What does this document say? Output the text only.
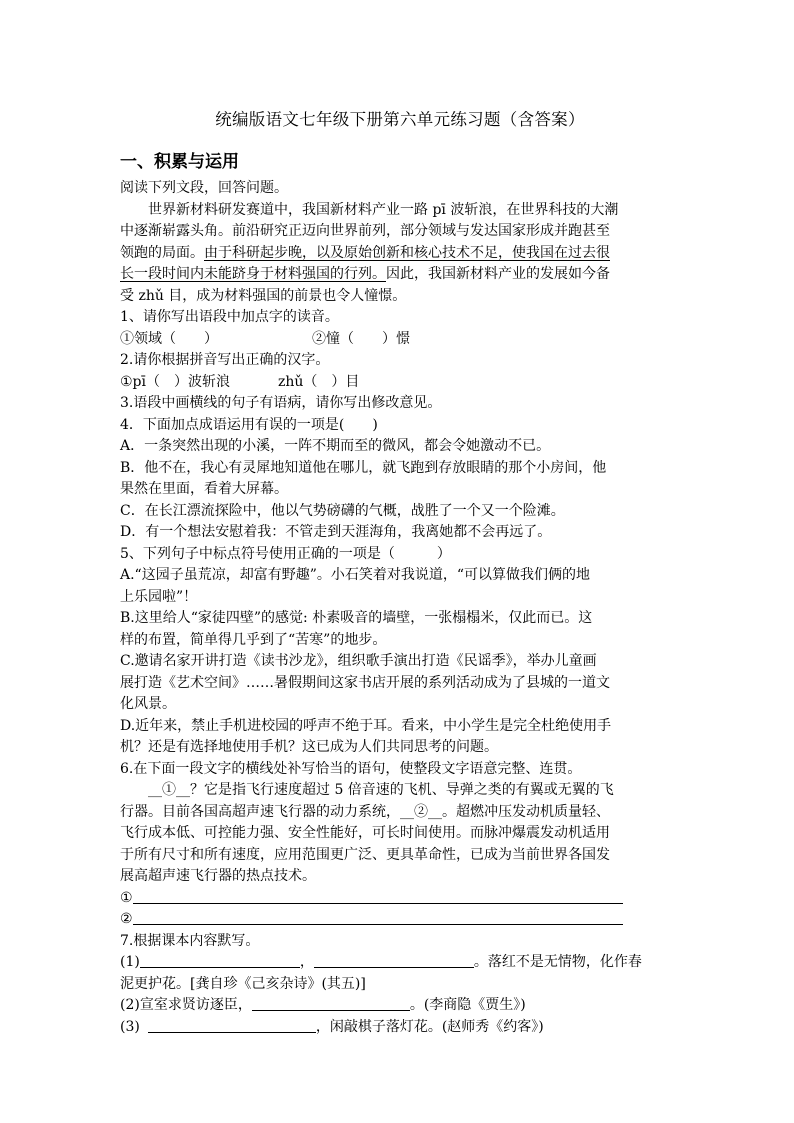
统编版语文七年级下册第六单元练习题（含答案）
一、积累与运用
阅读下列文段，回答问题。
世界新材料研发赛道中，我国新材料产业一路 pī 波斩浪，在世界科技的大潮
中逐渐崭露头角。前沿研究正迈向世界前列，部分领域与发达国家形成并跑甚至
领跑的局面。由于科研起步晚，以及原始创新和核心技术不足，使我国在过去很
长一段时间内未能跻身于材料强国的行列。因此，我国新材料产业的发展如今备
受 zhǔ 目，成为材料强国的前景也令人憧憬。
1、请你写出语段中加点字的读音。
①领域（　　）	②憧（　　）憬
2.请你根据拼音写出正确的汉字。
①pī（　）波斩浪	zhǔ（　）目
3.语段中画横线的句子有语病，请你写出修改意见。
4．下面加点成语运用有误的一项是(　　)
A．一条突然出现的小溪，一阵不期而至的微风，都会令她激动不已。
B．他不在，我心有灵犀地知道他在哪儿，就飞跑到存放眼睛的那个小房间，他
果然在里面，看着大屏幕。
C．在长江漂流探险中，他以气势磅礴的气概，战胜了一个又一个险滩。
D．有一个想法安慰着我：不管走到天涯海角，我离她都不会再远了。
5、下列句子中标点符号使用正确的一项是（　　　）
A.“这园子虽荒凉，却富有野趣”。小石笑着对我说道，“可以算做我们俩的地
上乐园啦”！
B.这里给人“家徒四壁”的感觉: 朴素吸音的墙壁，一张榻榻米，仅此而已。这
样的布置，简单得几乎到了“苦寒”的地步。
C.邀请名家开讲打造《读书沙龙》，组织歌手演出打造《民谣季》，举办儿童画
展打造《艺术空间》……暑假期间这家书店开展的系列活动成为了县城的一道文
化风景。
D.近年来，禁止手机进校园的呼声不绝于耳。看来，中小学生是完全杜绝使用手
机？还是有选择地使用手机？这已成为人们共同思考的问题。
6.在下面一段文字的横线处补写恰当的语句，使整段文字语意完整、连贯。
__①__？它是指飞行速度超过 5 倍音速的飞机、导弹之类的有翼或无翼的飞
行器。目前各国高超声速飞行器的动力系统，__②__。超燃冲压发动机质量轻、
飞行成本低、可控能力强、安全性能好，可长时间使用。而脉冲爆震发动机适用
于所有尺寸和所有速度，应用范围更广泛、更具革命性，已成为当前世界各国发
展高超声速飞行器的热点技术。
①
②
7.根据课本内容默写。
(1)	，	。落红不是无情物，化作春
泥更护花。[龚自珍《己亥杂诗》(其五)]
(2)宣室求贤访逐臣，	。(李商隐《贾生》)
(3)	，闲敲棋子落灯花。(赵师秀《约客》)
